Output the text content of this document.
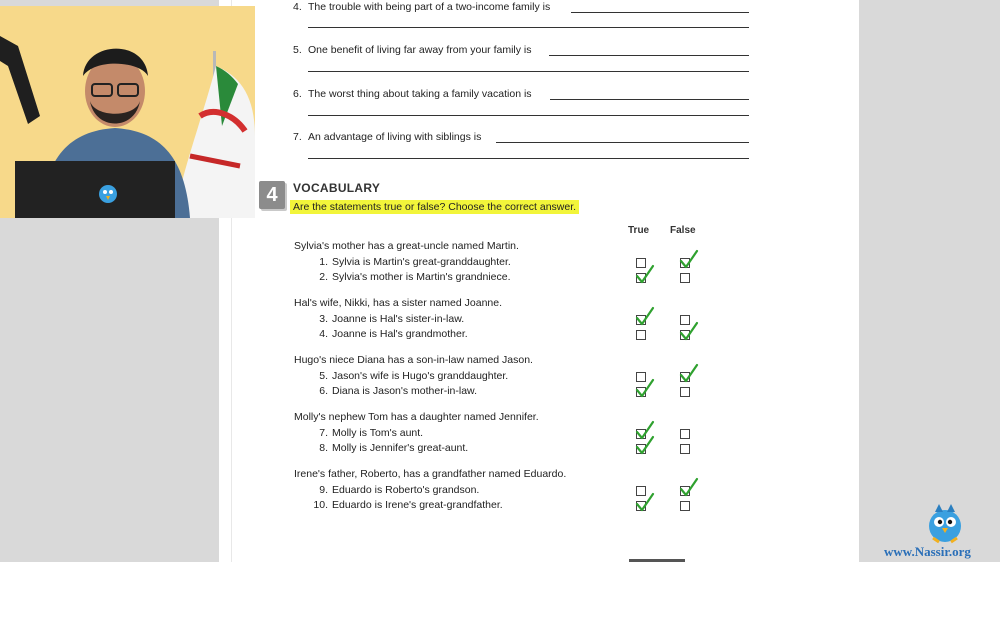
4. The trouble with being part of a two-income family is
5. One benefit of living far away from your family is
6. The worst thing about taking a family vacation is
7. An advantage of living with siblings is
4	VOCABULARY
Are the statements true or false? Choose the correct answer.
True False
Sylvia's mother has a great-uncle named Martin.
1. Sylvia is Martin's great-granddaughter.
2. Sylvia's mother is Martin's grandniece.
Hal's wife, Nikki, has a sister named Joanne.
3. Joanne is Hal's sister-in-law.
4. Joanne is Hal's grandmother.
Hugo's niece Diana has a son-in-law named Jason.
5. Jason's wife is Hugo's granddaughter.
6. Diana is Jason's mother-in-law.
Molly's nephew Tom has a daughter named Jennifer.
7. Molly is Tom's aunt.
8. Molly is Jennifer's great-aunt.
Irene's father, Roberto, has a grandfather named Eduardo.
9. Eduardo is Roberto's grandson.
10. Eduardo is Irene's great-grandfather.
www.Nassir.org
